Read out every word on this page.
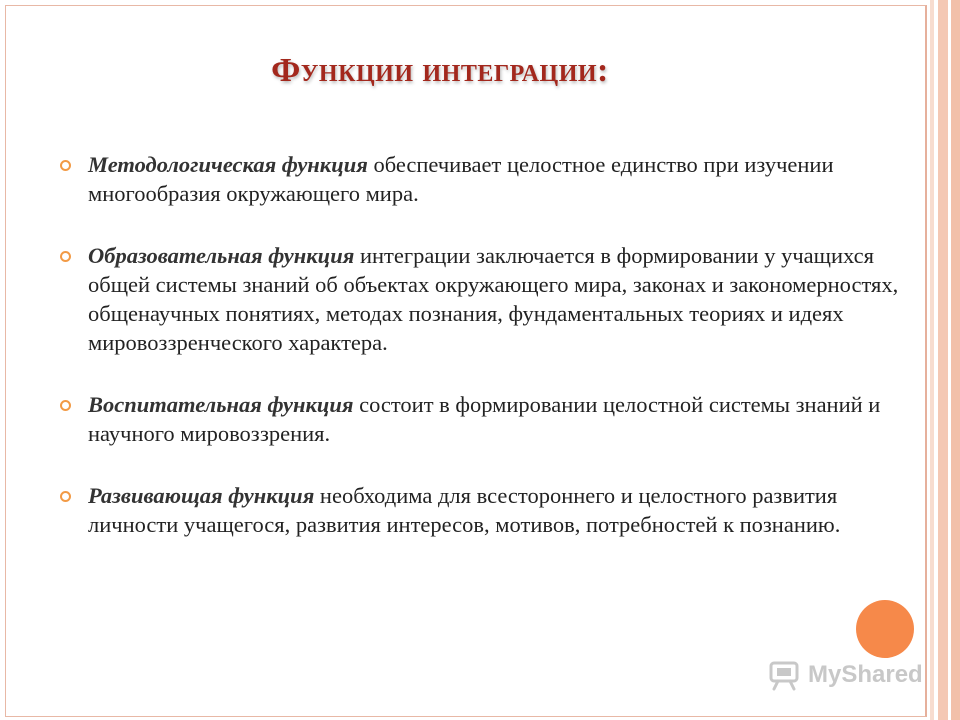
Функции интеграции:
Методологическая функция обеспечивает целостное единство при изучении многообразия окружающего мира.
Образовательная функция интеграции заключается в формировании у учащихся общей системы знаний об объектах окружающего мира, законах и закономерностях, общенаучных понятиях, методах познания, фундаментальных теориях и идеях мировоззренческого характера.
Воспитательная функция состоит в формировании целостной системы знаний и научного мировоззрения.
Развивающая функция необходима для всестороннего и целостного развития личности учащегося, развития интересов, мотивов, потребностей к познанию.
MyShared
